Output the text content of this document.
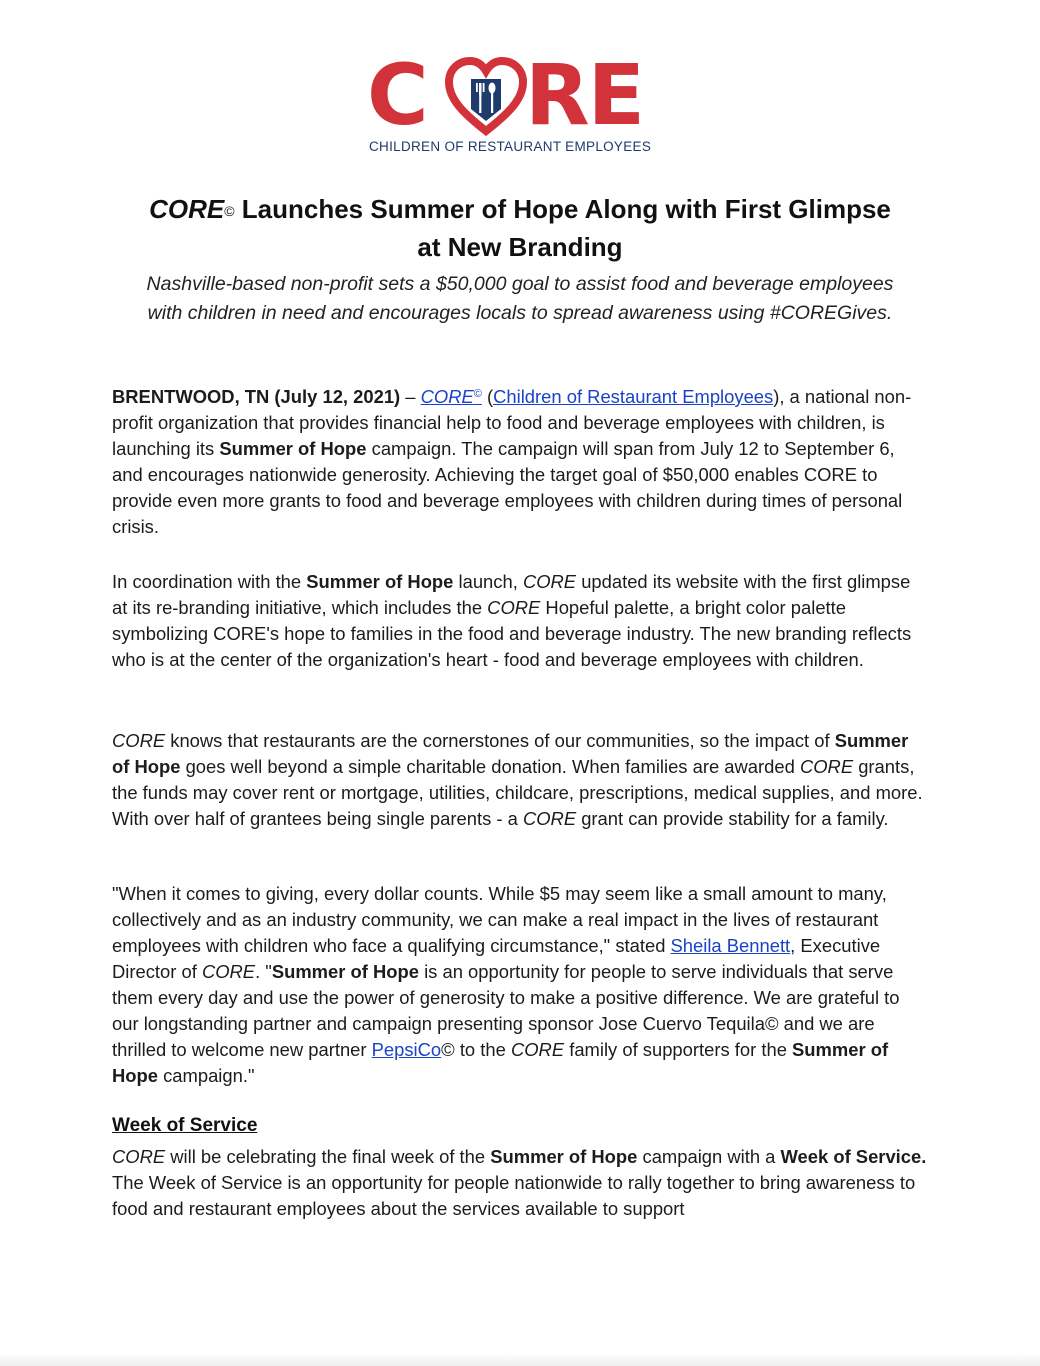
C RE
CHILDREN OF RESTAURANT EMPLOYEES
CORE© Launches Summer of Hope Along with First Glimpse
at New Branding
Nashville-based non-profit sets a $50,000 goal to assist food and beverage employees
with children in need and encourages locals to spread awareness using #COREGives.
BRENTWOOD, TN (July 12, 2021) – CORE© (Children of Restaurant Employees), a national non-profit organization that provides financial help to food and beverage employees with children, is launching its Summer of Hope campaign. The campaign will span from July 12 to September 6, and encourages nationwide generosity. Achieving the target goal of $50,000 enables CORE to provide even more grants to food and beverage employees with children during times of personal crisis.
In coordination with the Summer of Hope launch, CORE updated its website with the first glimpse at its re-branding initiative, which includes the CORE Hopeful palette, a bright color palette symbolizing CORE's hope to families in the food and beverage industry. The new branding reflects who is at the center of the organization's heart - food and beverage employees with children.
CORE knows that restaurants are the cornerstones of our communities, so the impact of Summer of Hope goes well beyond a simple charitable donation. When families are awarded CORE grants, the funds may cover rent or mortgage, utilities, childcare, prescriptions, medical supplies, and more. With over half of grantees being single parents - a CORE grant can provide stability for a family.
"When it comes to giving, every dollar counts. While $5 may seem like a small amount to many, collectively and as an industry community, we can make a real impact in the lives of restaurant employees with children who face a qualifying circumstance," stated Sheila Bennett, Executive Director of CORE. "Summer of Hope is an opportunity for people to serve individuals that serve them every day and use the power of generosity to make a positive difference. We are grateful to our longstanding partner and campaign presenting sponsor Jose Cuervo Tequila© and we are thrilled to welcome new partner PepsiCo© to the CORE family of supporters for the Summer of Hope campaign."
Week of Service
CORE will be celebrating the final week of the Summer of Hope campaign with a Week of Service. The Week of Service is an opportunity for people nationwide to rally together to bring awareness to food and restaurant employees about the services available to support
